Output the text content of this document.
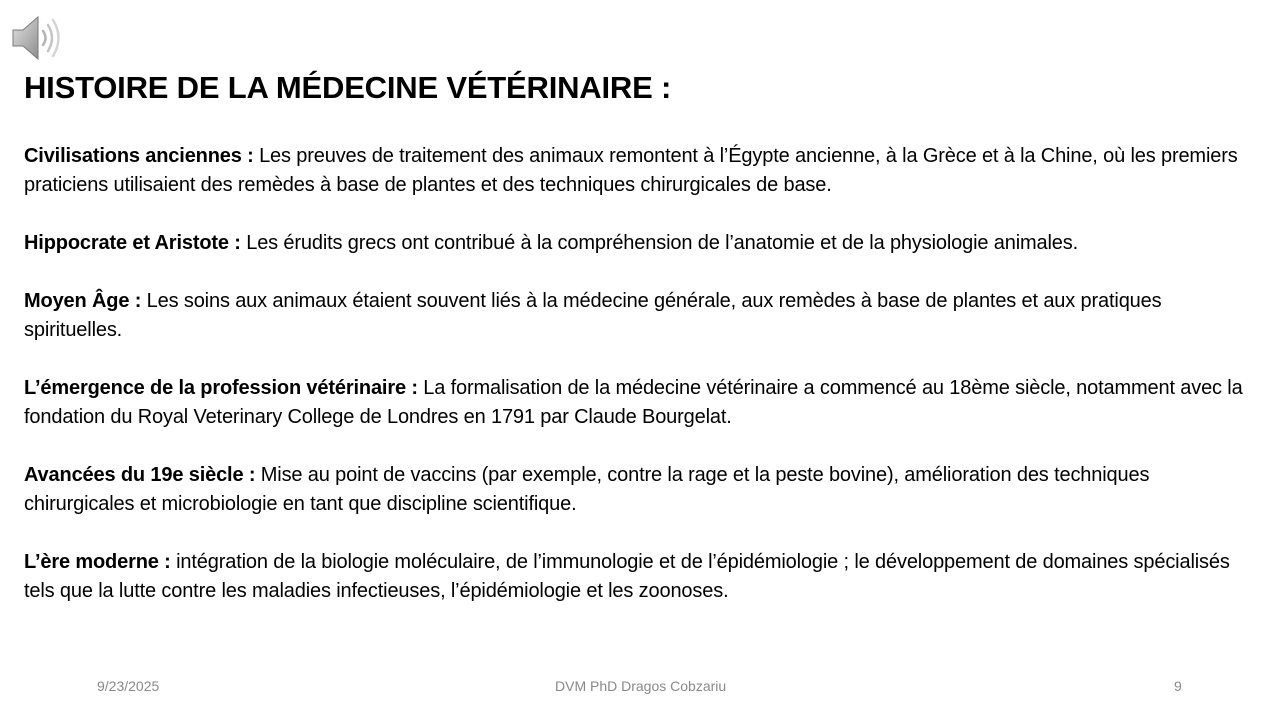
HISTOIRE DE LA MÉDECINE VÉTÉRINAIRE :

Civilisations anciennes : Les preuves de traitement des animaux remontent à l’Égypte ancienne, à la Grèce et à la Chine, où les premiers praticiens utilisaient des remèdes à base de plantes et des techniques chirurgicales de base.

Hippocrate et Aristote : Les érudits grecs ont contribué à la compréhension de l’anatomie et de la physiologie animales.

Moyen Âge : Les soins aux animaux étaient souvent liés à la médecine générale, aux remèdes à base de plantes et aux pratiques spirituelles.

L’émergence de la profession vétérinaire : La formalisation de la médecine vétérinaire a commencé au 18ème siècle, notamment avec la fondation du Royal Veterinary College de Londres en 1791 par Claude Bourgelat.

Avancées du 19e siècle : Mise au point de vaccins (par exemple, contre la rage et la peste bovine), amélioration des techniques chirurgicales et microbiologie en tant que discipline scientifique.

L’ère moderne : intégration de la biologie moléculaire, de l’immunologie et de l’épidémiologie ; le développement de domaines spécialisés tels que la lutte contre les maladies infectieuses, l’épidémiologie et les zoonoses.

9/23/2025	DVM PhD Dragos Cobzariu	9
